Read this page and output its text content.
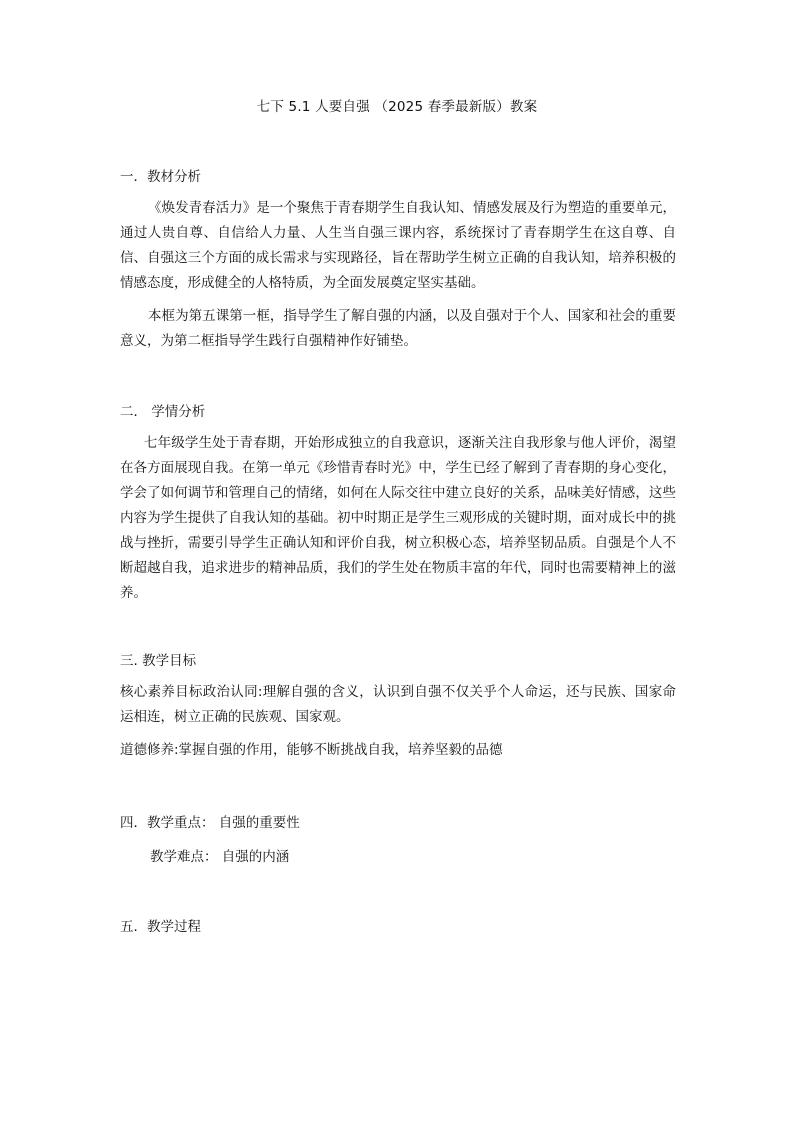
七下 5.1 人要自强 （2025 春季最新版）教案

一．教材分析

《焕发青春活力》是一个聚焦于青春期学生自我认知、情感发展及行为塑造的重要单元，通过人贵自尊、自信给人力量、人生当自强三课内容，系统探讨了青春期学生在这自尊、自信、自强这三个方面的成长需求与实现路径，旨在帮助学生树立正确的自我认知，培养积极的情感态度，形成健全的人格特质，为全面发展奠定坚实基础。

本框为第五课第一框，指导学生了解自强的内涵，以及自强对于个人、国家和社会的重要意义，为第二框指导学生践行自强精神作好铺垫。

二． 学情分析

七年级学生处于青春期，开始形成独立的自我意识，逐渐关注自我形象与他人评价，渴望在各方面展现自我。在第一单元《珍惜青春时光》中，学生已经了解到了青春期的身心变化，学会了如何调节和管理自己的情绪，如何在人际交往中建立良好的关系，品味美好情感，这些内容为学生提供了自我认知的基础。初中时期正是学生三观形成的关键时期，面对成长中的挑战与挫折，需要引导学生正确认知和评价自我，树立积极心态，培养坚韧品质。自强是个人不断超越自我，追求进步的精神品质，我们的学生处在物质丰富的年代，同时也需要精神上的滋养。

三. 教学目标

核心素养目标政治认同:理解自强的含义，认识到自强不仅关乎个人命运，还与民族、国家命运相连，树立正确的民族观、国家观。

道德修养:掌握自强的作用，能够不断挑战自我，培养坚毅的品德

四．教学重点： 自强的重要性

教学难点： 自强的内涵

五．教学过程
